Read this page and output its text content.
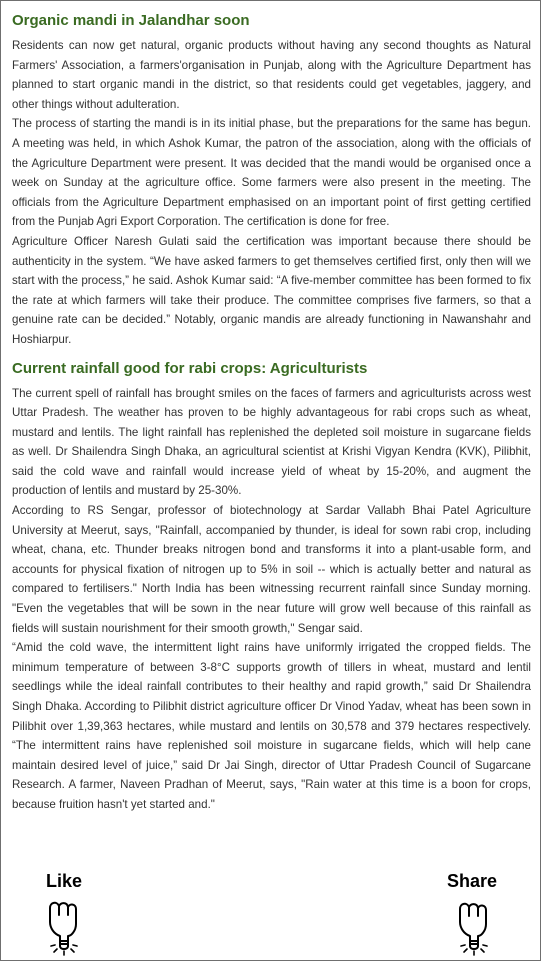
Organic mandi in Jalandhar soon

Residents can now get natural, organic products without having any second thoughts as Natural Farmers' Association, a farmers'organisation in Punjab, along with the Agriculture Department has planned to start organic mandi in the district, so that residents could get vegetables, jaggery, and other things without adulteration.

The process of starting the mandi is in its initial phase, but the preparations for the same has begun. A meeting was held, in which Ashok Kumar, the patron of the association, along with the officials of the Agriculture Department were present. It was decided that the mandi would be organised once a week on Sunday at the agriculture office. Some farmers were also present in the meeting. The officials from the Agriculture Department emphasised on an important point of first getting certified from the Punjab Agri Export Corporation. The certification is done for free.

Agriculture Officer Naresh Gulati said the certification was important because there should be authenticity in the system. “We have asked farmers to get themselves certified first, only then will we start with the process,” he said. Ashok Kumar said: “A five-member committee has been formed to fix the rate at which farmers will take their produce. The committee comprises five farmers, so that a genuine rate can be decided.” Notably, organic mandis are already functioning in Nawanshahr and Hoshiarpur.

Current rainfall good for rabi crops: Agriculturists

The current spell of rainfall has brought smiles on the faces of farmers and agriculturists across west Uttar Pradesh. The weather has proven to be highly advantageous for rabi crops such as wheat, mustard and lentils. The light rainfall has replenished the depleted soil moisture in sugarcane fields as well. Dr Shailendra Singh Dhaka, an agricultural scientist at Krishi Vigyan Kendra (KVK), Pilibhit, said the cold wave and rainfall would increase yield of wheat by 15-20%, and augment the production of lentils and mustard by 25-30%.

According to RS Sengar, professor of biotechnology at Sardar Vallabh Bhai Patel Agriculture University at Meerut, says, "Rainfall, accompanied by thunder, is ideal for sown rabi crop, including wheat, chana, etc. Thunder breaks nitrogen bond and transforms it into a plant-usable form, and accounts for physical fixation of nitrogen up to 5% in soil -- which is actually better and natural as compared to fertilisers." North India has been witnessing recurrent rainfall since Sunday morning. "Even the vegetables that will be sown in the near future will grow well because of this rainfall as fields will sustain nourishment for their smooth growth," Sengar said.

“Amid the cold wave, the intermittent light rains have uniformly irrigated the cropped fields. The minimum temperature of between 3-8°C supports growth of tillers in wheat, mustard and lentil seedlings while the ideal rainfall contributes to their healthy and rapid growth,” said Dr Shailendra Singh Dhaka. According to Pilibhit district agriculture officer Dr Vinod Yadav, wheat has been sown in Pilibhit over 1,39,363 hectares, while mustard and lentils on 30,578 and 379 hectares respectively. “The intermittent rains have replenished soil moisture in sugarcane fields, which will help cane maintain desired level of juice,” said Dr Jai Singh, director of Uttar Pradesh Council of Sugarcane Research. A farmer, Naveen Pradhan of Meerut, says, "Rain water at this time is a boon for crops, because fruition hasn't yet started and."

Like	Share
